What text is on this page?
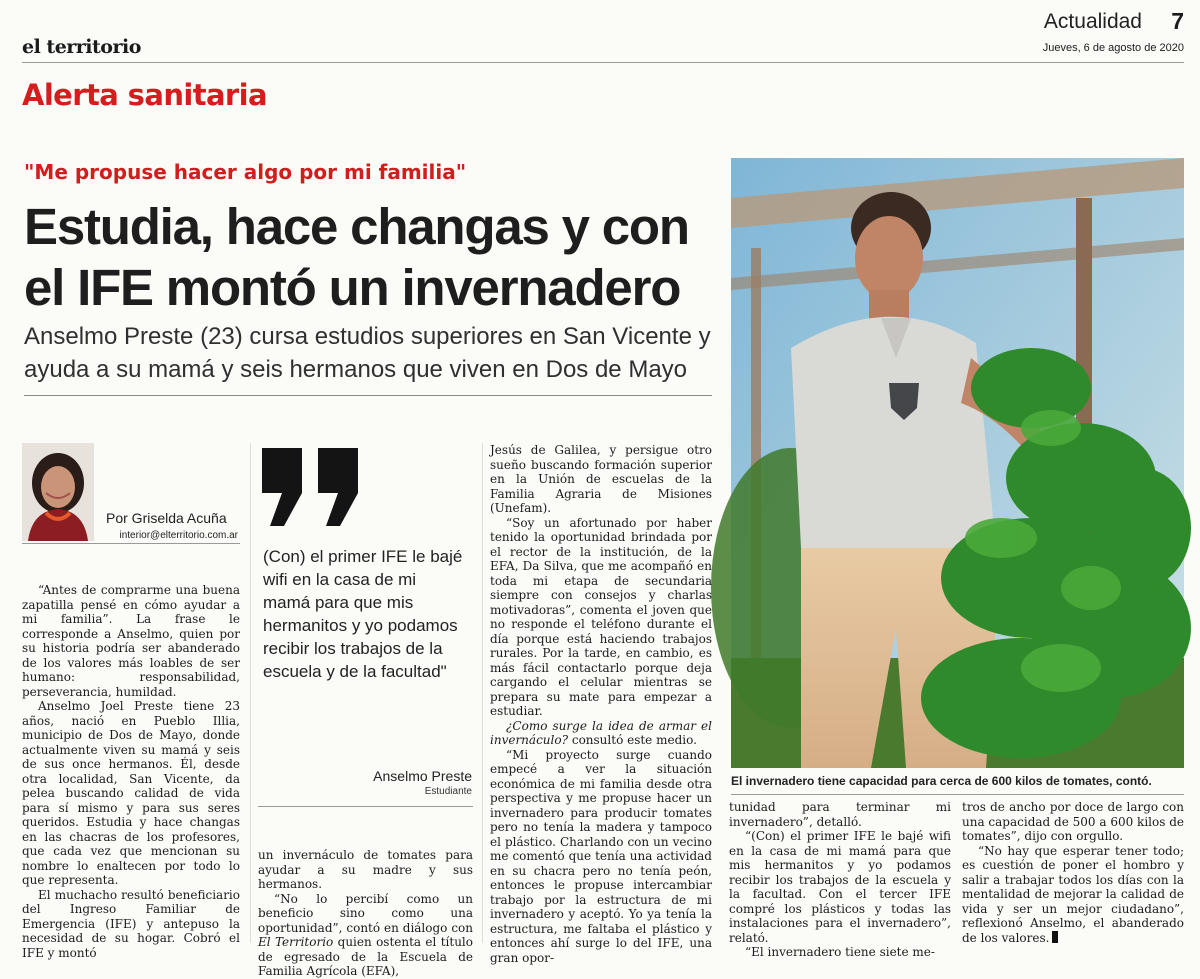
el territorio
Actualidad 7
Jueves, 6 de agosto de 2020
Alerta sanitaria
"Me propuse hacer algo por mi familia"
Estudia, hace changas y con el IFE montó un invernadero
Anselmo Preste (23) cursa estudios superiores en San Vicente y ayuda a su mamá y seis hermanos que viven en Dos de Mayo
El invernadero tiene capacidad para cerca de 600 kilos de tomates, contó.
Por Griselda Acuña
interior@elterritorio.com.ar

“Antes de comprarme una buena zapatilla pensé en cómo ayudar a mi familia”. La frase le corresponde a Anselmo, quien por su historia podría ser abanderado de los valores más loables de ser humano: responsabilidad, perseverancia, humildad.

Anselmo Joel Preste tiene 23 años, nació en Pueblo Illia, municipio de Dos de Mayo, donde actualmente viven su mamá y seis de sus once hermanos. Él, desde otra localidad, San Vicente, da pelea buscando calidad de vida para sí mismo y para sus seres queridos. Estudia y hace changas en las chacras de los profesores, que cada vez que mencionan su nombre lo enaltecen por todo lo que representa.

El muchacho resultó beneficiario del Ingreso Familiar de Emergencia (IFE) y antepuso la necesidad de su hogar. Cobró el IFE y montó

(Con) el primer IFE le bajé wifi en la casa de mi mamá para que mis hermanitos y yo podamos recibir los trabajos de la escuela y de la facultad"
Anselmo Preste
Estudiante

un invernáculo de tomates para ayudar a su madre y sus hermanos.

“No lo percibí como un beneficio sino como una oportunidad”, contó en diálogo con El Territorio quien ostenta el título de egresado de la Escuela de Familia Agrícola (EFA),

Jesús de Galilea, y persigue otro sueño buscando formación superior en la Unión de escuelas de la Familia Agraria de Misiones (Unefam).

“Soy un afortunado por haber tenido la oportunidad brindada por el rector de la institución, de la EFA, Da Silva, que me acompañó en toda mi etapa de secundaria siempre con consejos y charlas motivadoras”, comenta el joven que no responde el teléfono durante el día porque está haciendo trabajos rurales. Por la tarde, en cambio, es más fácil contactarlo porque deja cargando el celular mientras se prepara su mate para empezar a estudiar.

¿Como surge la idea de armar el invernáculo? consultó este medio.

“Mi proyecto surge cuando empecé a ver la situación económica de mi familia desde otra perspectiva y me propuse hacer un invernadero para producir tomates pero no tenía la madera y tampoco el plástico. Charlando con un vecino me comentó que tenía una actividad en su chacra pero no tenía peón, entonces le propuse intercambiar trabajo por la estructura de mi invernadero y aceptó. Yo ya tenía la estructura, me faltaba el plástico y entonces ahí surge lo del IFE, una gran opor-

tunidad para terminar mi invernadero”, detalló.

“(Con) el primer IFE le bajé wifi en la casa de mi mamá para que mis hermanitos y yo podamos recibir los trabajos de la escuela y la facultad. Con el tercer IFE compré los plásticos y todas las instalaciones para el invernadero”, relató.

“El invernadero tiene siete me-

tros de ancho por doce de largo con una capacidad de 500 a 600 kilos de tomates”, dijo con orgullo.

“No hay que esperar tener todo; es cuestión de poner el hombro y salir a trabajar todos los días con la mentalidad de mejorar la calidad de vida y ser un mejor ciudadano”, reflexionó Anselmo, el abanderado de los valores.
